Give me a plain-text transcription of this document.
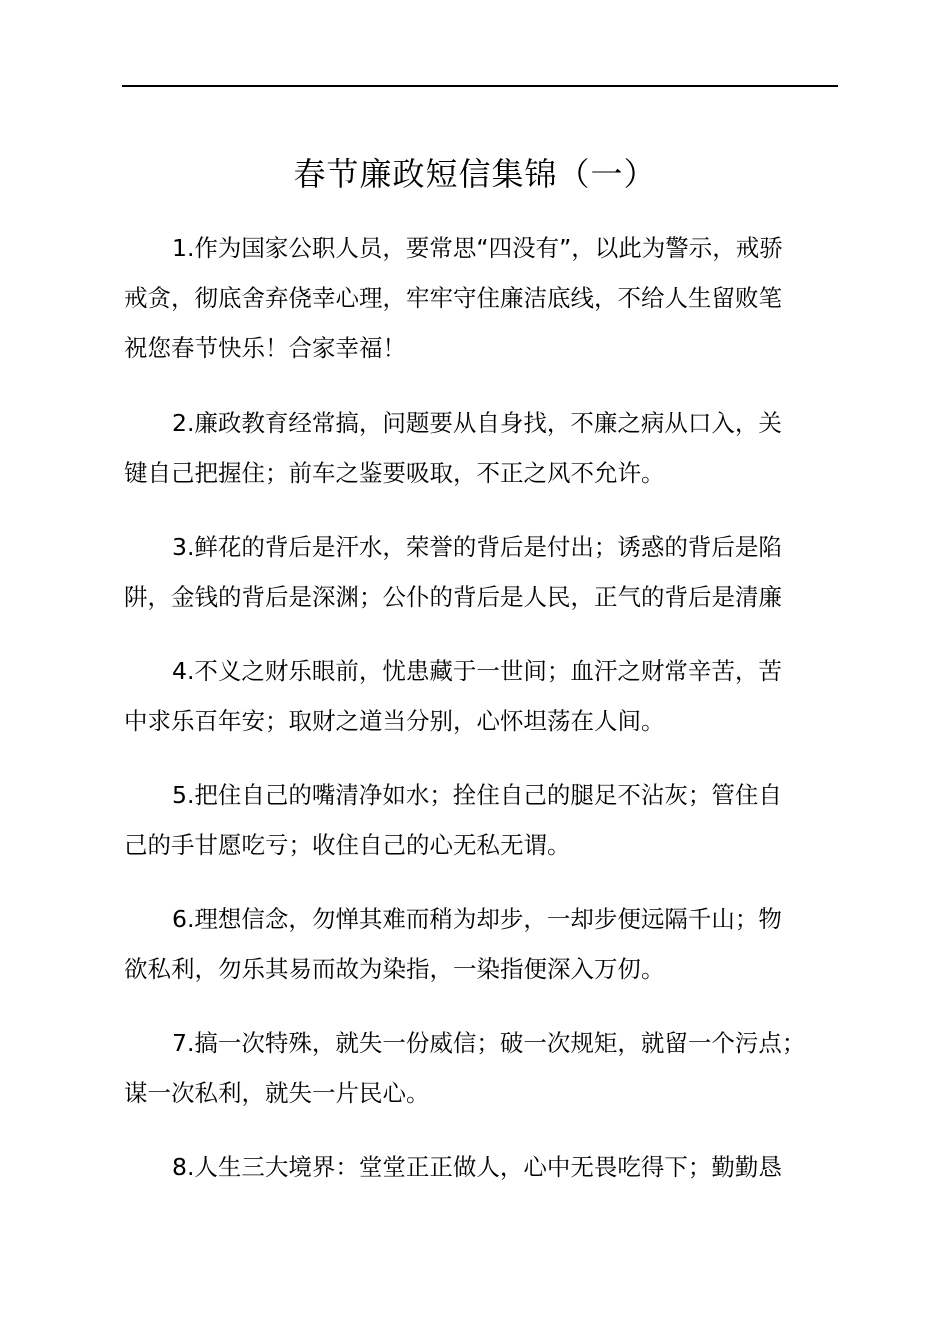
春节廉政短信集锦（一）
1.作为国家公职人员，要常思“四没有”，以此为警示，戒骄
戒贪，彻底舍弃侥幸心理，牢牢守住廉洁底线，不给人生留败笔
祝您春节快乐！合家幸福！
2.廉政教育经常搞，问题要从自身找，不廉之病从口入，关
键自己把握住；前车之鉴要吸取，不正之风不允许。
3.鲜花的背后是汗水，荣誉的背后是付出；诱惑的背后是陷
阱，金钱的背后是深渊；公仆的背后是人民，正气的背后是清廉
4.不义之财乐眼前，忧患藏于一世间；血汗之财常辛苦，苦
中求乐百年安；取财之道当分别，心怀坦荡在人间。
5.把住自己的嘴清净如水；拴住自己的腿足不沾灰；管住自
己的手甘愿吃亏；收住自己的心无私无谓。
6.理想信念，勿惮其难而稍为却步，一却步便远隔千山；物
欲私利，勿乐其易而故为染指，一染指便深入万仞。
7.搞一次特殊，就失一份威信；破一次规矩，就留一个污点；
谋一次私利，就失一片民心。
8.人生三大境界：堂堂正正做人，心中无畏吃得下；勤勤恳
